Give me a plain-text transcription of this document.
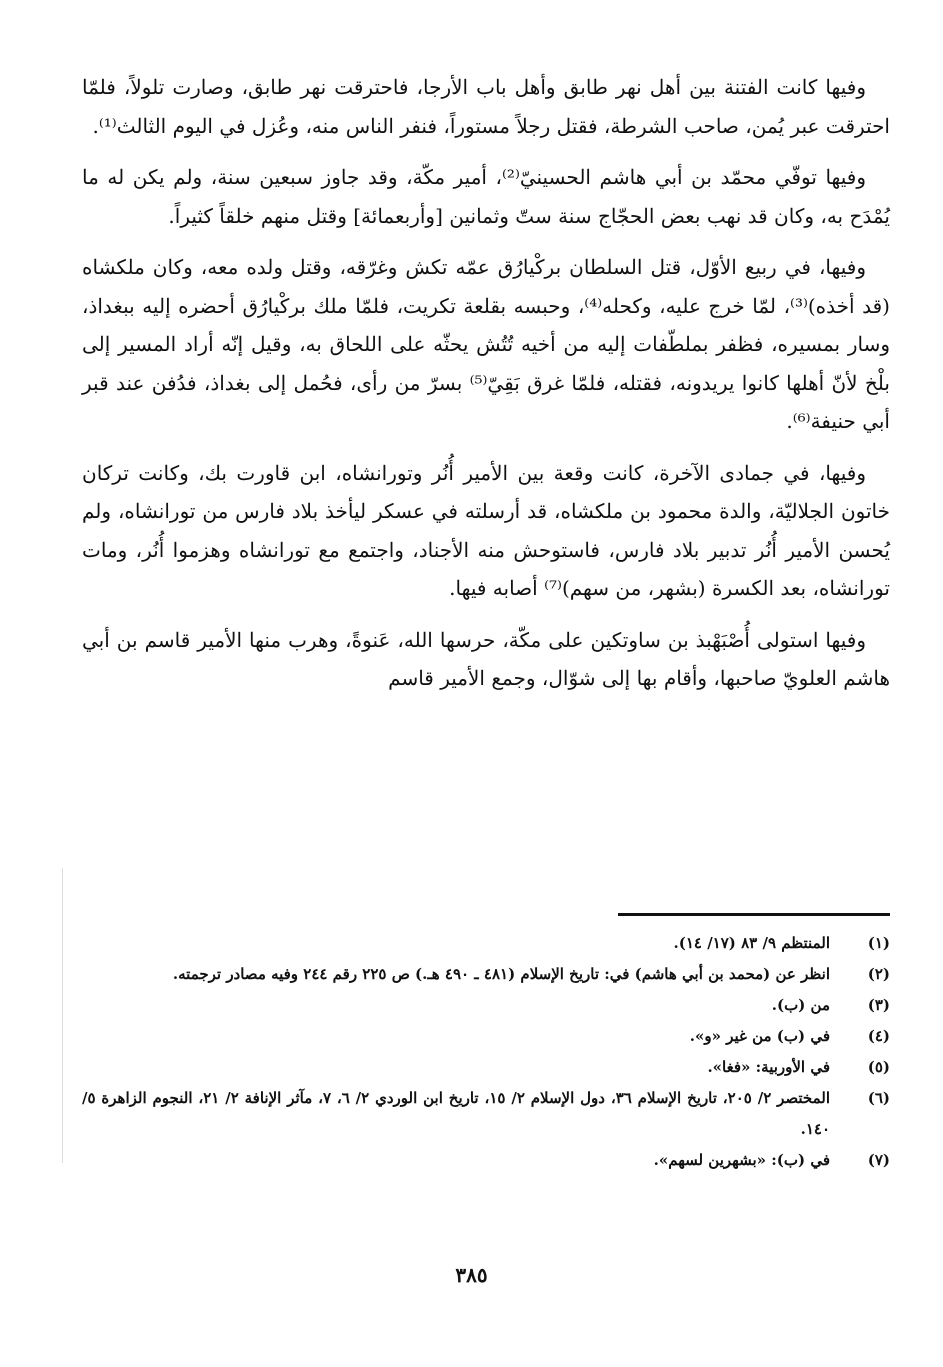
وفيها كانت الفتنة بين أهل نهر طابق وأهل باب الأرجا، فاحترقت نهر طابق، وصارت تلولاً، فلمّا احترقت عبر يُمن، صاحب الشرطة، فقتل رجلاً مستوراً، فنفر الناس منه، وعُزل في اليوم الثالث⁽¹⁾.

وفيها توفّي محمّد بن أبي هاشم الحسينيّ⁽²⁾، أمير مكّة، وقد جاوز سبعين سنة، ولم يكن له ما يُمْدَح به، وكان قد نهب بعض الحجّاج سنة ستّ وثمانين [وأربعمائة] وقتل منهم خلقاً كثيراً.

وفيها، في ربيع الأوّل، قتل السلطان بركْيارُق عمّه تكش وغرّقه، وقتل ولده معه، وكان ملكشاه (قد أخذه)⁽³⁾، لمّا خرج عليه، وكحله⁽⁴⁾، وحبسه بقلعة تكريت، فلمّا ملك بركْيارُق أحضره إليه ببغداذ، وسار بمسيره، فظفر بملطّفات إليه من أخيه تُتُش يحثّه على اللحاق به، وقيل إنّه أراد المسير إلى بلْخ لأنّ أهلها كانوا يريدونه، فقتله، فلمّا غرق بَقِيّ⁽⁵⁾ بسرّ من رأى، فحُمل إلى بغداذ، فدُفن عند قبر أبي حنيفة⁽⁶⁾.

وفيها، في جمادى الآخرة، كانت وقعة بين الأمير أُنُر وتورانشاه، ابن قاورت بك، وكانت تركان خاتون الجلاليّة، والدة محمود بن ملكشاه، قد أرسلته في عسكر ليأخذ بلاد فارس من تورانشاه، ولم يُحسن الأمير أُنُر تدبير بلاد فارس، فاستوحش منه الأجناد، واجتمع مع تورانشاه وهزموا أُنُر، ومات تورانشاه، بعد الكسرة (بشهر، من سهم)⁽⁷⁾ أصابه فيها.

وفيها استولى أُصْبَهْبذ بن ساوتكين على مكّة، حرسها الله، عَنوةً، وهرب منها الأمير قاسم بن أبي هاشم العلويّ صاحبها، وأقام بها إلى شوّال، وجمع الأمير قاسم

(١)
المنتظم ٩/ ٨٣ (١٧/ ١٤).
(٢)
انظر عن (محمد بن أبي هاشم) في: تاريخ الإسلام (٤٨١ ـ ٤٩٠ هـ.) ص ٢٢٥ رقم ٢٤٤ وفيه مصادر ترجمته.
(٣)
من (ب).
(٤)
في (ب) من غير «و».
(٥)
في الأوربية: «فغا».
(٦)
المختصر ٢/ ٢٠٥، تاريخ الإسلام ٣٦، دول الإسلام ٢/ ١٥، تاريخ ابن الوردي ٢/ ٦، ٧، مآثر الإنافة ٢/ ٢١، النجوم الزاهرة ٥/ ١٤٠.
(٧)
في (ب): «بشهرين لسهم».
٣٨٥
